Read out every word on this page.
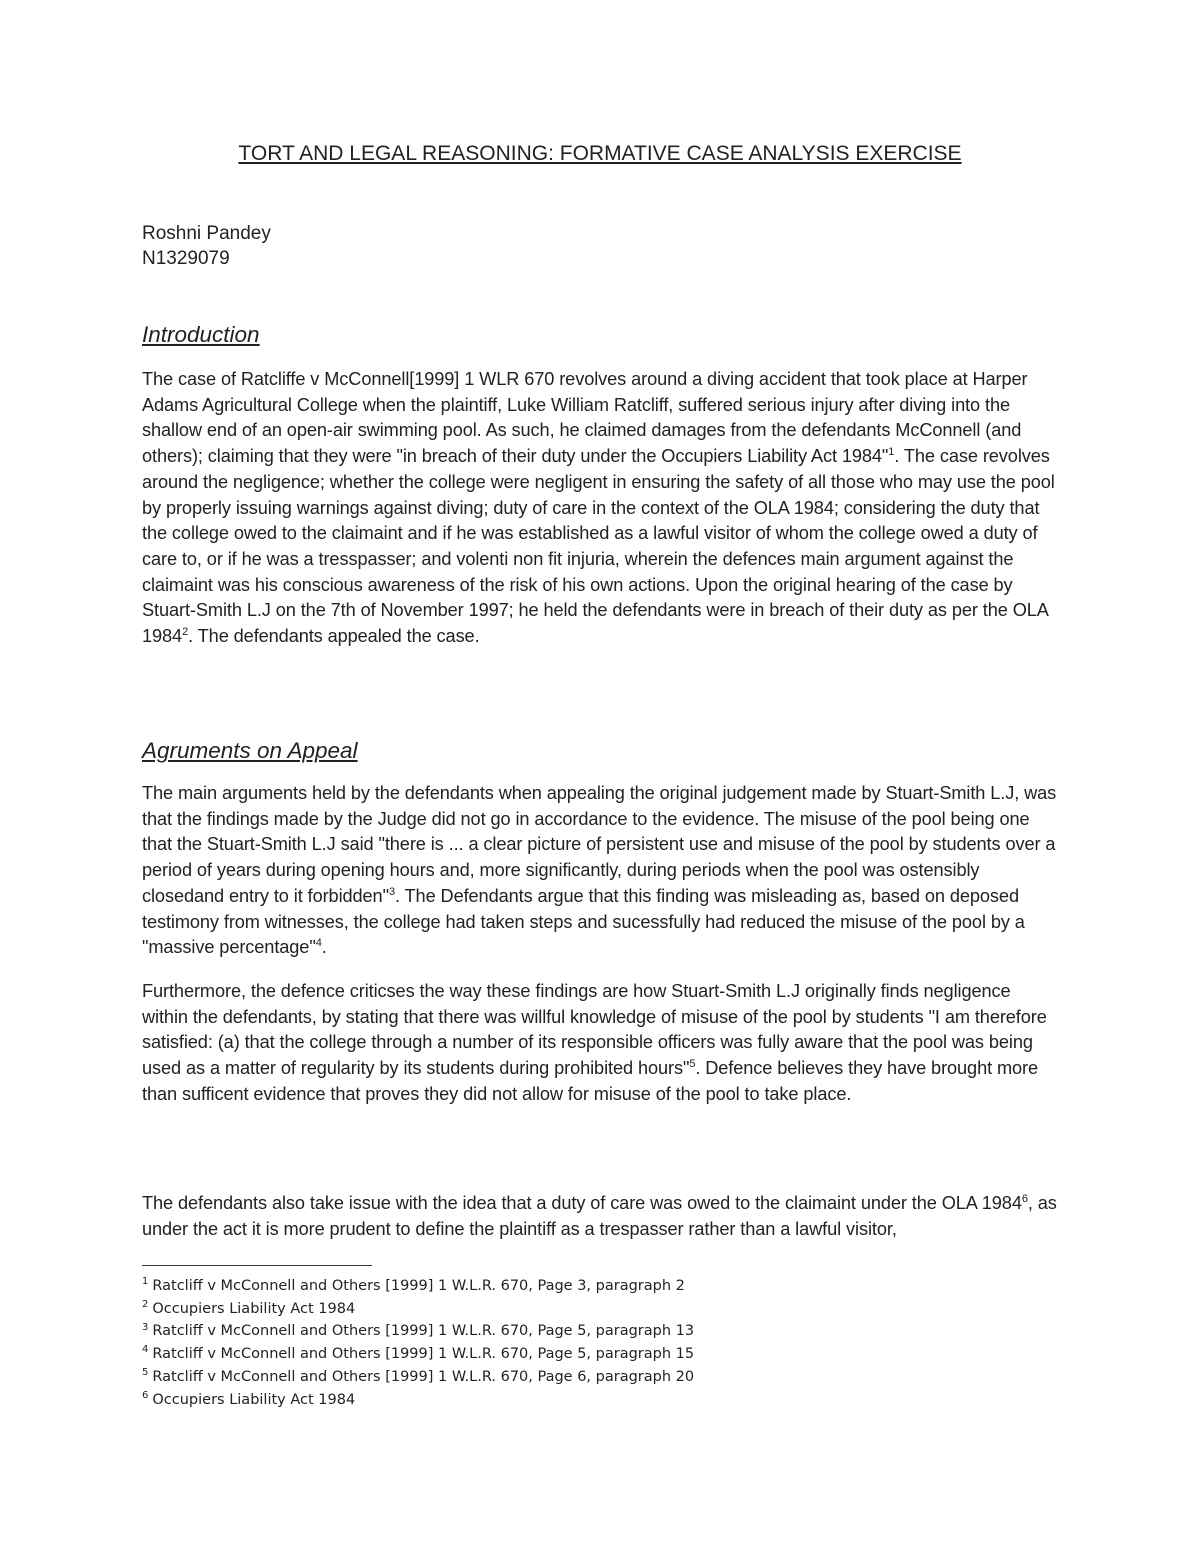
TORT AND LEGAL REASONING: FORMATIVE CASE ANALYSIS EXERCISE
Roshni Pandey
N1329079
Introduction

The case of Ratcliffe v McConnell[1999] 1 WLR 670 revolves around a diving accident that took place at Harper Adams Agricultural College when the plaintiff, Luke William Ratcliff, suffered serious injury after diving into the shallow end of an open-air swimming pool. As such, he claimed damages from the defendants McConnell (and others); claiming that they were "in breach of their duty under the Occupiers Liability Act 1984"$^1$. The case revolves around the negligence; whether the college were negligent in ensuring the safety of all those who may use the pool by properly issuing warnings against diving; duty of care in the context of the OLA 1984; considering the duty that the college owed to the claimaint and if he was established as a lawful visitor of whom the college owed a duty of care to, or if he was a tresspasser; and volenti non fit injuria, wherein the defences main argument against the claimaint was his conscious awareness of the risk of his own actions. Upon the original hearing of the case by Stuart-Smith L.J on the 7th of November 1997; he held the defendants were in breach of their duty as per the OLA 1984$^2$. The defendants appealed the case.

Agruments on Appeal

The main arguments held by the defendants when appealing the original judgement made by Stuart-Smith L.J, was that the findings made by the Judge did not go in accordance to the evidence. The misuse of the pool being one that the Stuart-Smith L.J said "there is ... a clear picture of persistent use and misuse of the pool by students over a period of years during opening hours and, more significantly, during periods when the pool was ostensibly closedand entry to it forbidden"$^3$. The Defendants argue that this finding was misleading as, based on deposed testimony from witnesses, the college had taken steps and sucessfully had reduced the misuse of the pool by a "massive percentage"$^4$.

Furthermore, the defence criticses the way these findings are how Stuart-Smith L.J originally finds negligence within the defendants, by stating that there was willful knowledge of misuse of the pool by students "I am therefore satisfied: (a) that the college through a number of its responsible officers was fully aware that the pool was being used as a matter of regularity by its students during prohibited hours"$^5$. Defence believes they have brought more than sufficent evidence that proves they did not allow for misuse of the pool to take place.

The defendants also take issue with the idea that a duty of care was owed to the claimaint under the OLA 1984$^6$, as under the act it is more prudent to define the plaintiff as a trespasser rather than a lawful visitor,

$^1$ Ratcliff v McConnell and Others [1999] 1 W.L.R. 670, Page 3, paragraph 2
$^2$ Occupiers Liability Act 1984
$^3$ Ratcliff v McConnell and Others [1999] 1 W.L.R. 670, Page 5, paragraph 13
$^4$ Ratcliff v McConnell and Others [1999] 1 W.L.R. 670, Page 5, paragraph 15
$^5$ Ratcliff v McConnell and Others [1999] 1 W.L.R. 670, Page 6, paragraph 20
$^6$ Occupiers Liability Act 1984
